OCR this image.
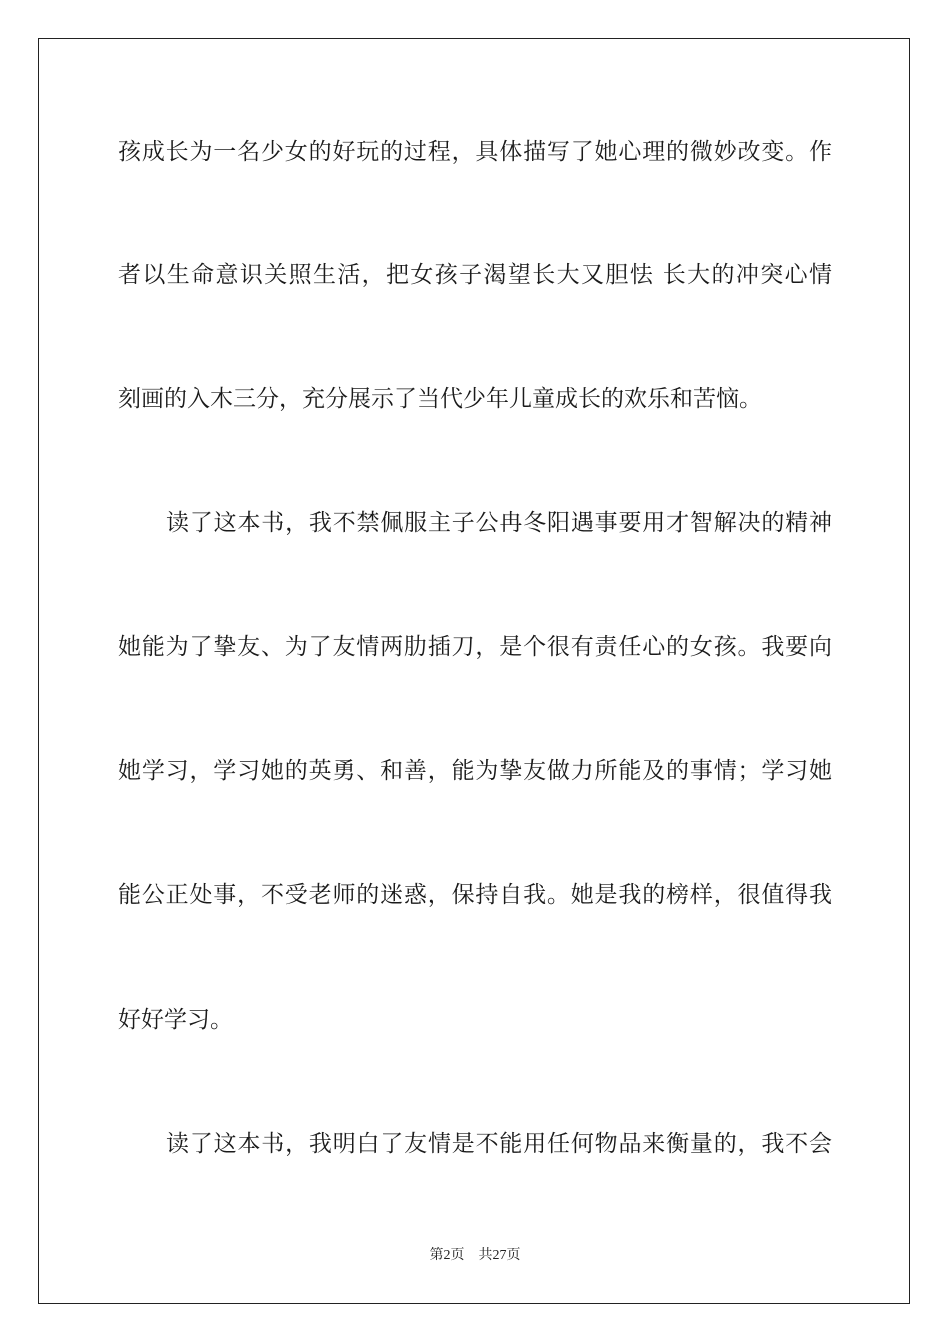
孩成长为一名少女的好玩的过程，具体描写了她心理的微妙改变。作
者以生命意识关照生活，把女孩子渴望长大又胆怯 长大的冲突心情
刻画的入木三分，充分展示了当代少年儿童成长的欢乐和苦恼。
读了这本书，我不禁佩服主子公冉冬阳遇事要用才智解决的精神
她能为了挚友、为了友情两肋插刀，是个很有责任心的女孩。我要向
她学习，学习她的英勇、和善，能为挚友做力所能及的事情；学习她
能公正处事，不受老师的迷惑，保持自我。她是我的榜样，很值得我
好好学习。
读了这本书，我明白了友情是不能用任何物品来衡量的，我不会
第2页 共27页
